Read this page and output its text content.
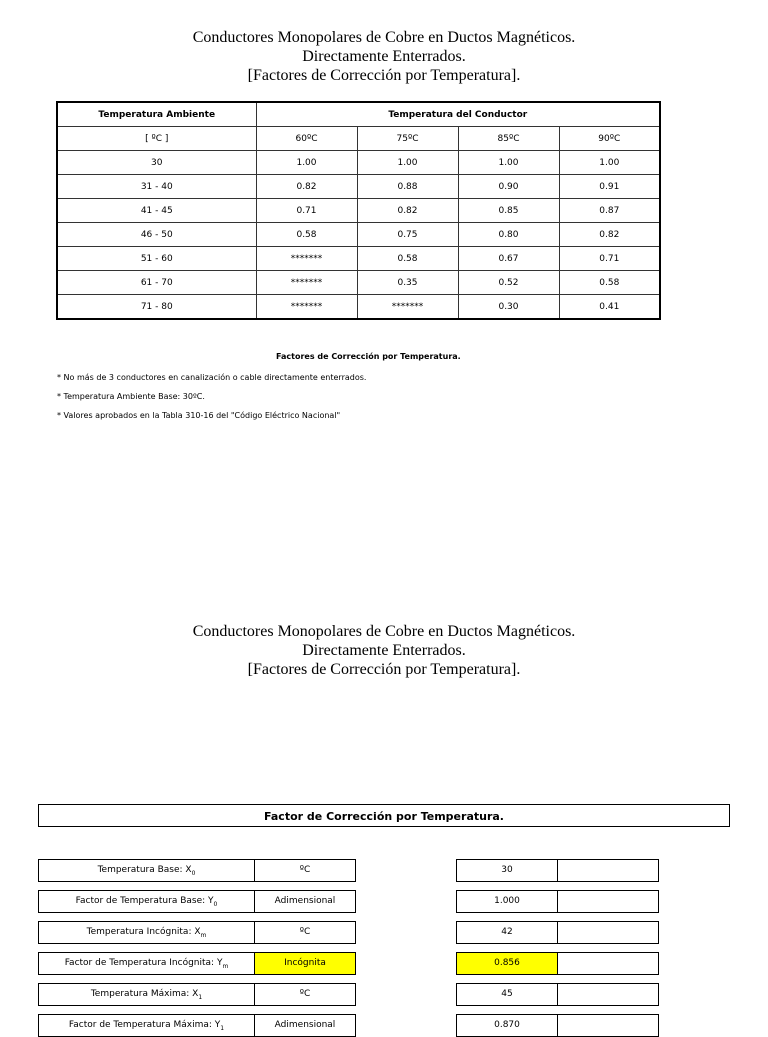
Conductores Monopolares de Cobre en Ductos Magnéticos.
Directamente Enterrados.
[Factores de Corrección por Temperatura].
Temperatura Ambiente	Temperatura del Conductor			
[ ºC ]	60ºC	75ºC	85ºC	90ºC
30	1.00	1.00	1.00	1.00
31 - 40	0.82	0.88	0.90	0.91
41 - 45	0.71	0.82	0.85	0.87
46 - 50	0.58	0.75	0.80	0.82
51 - 60	*******	0.58	0.67	0.71
61 - 70	*******	0.35	0.52	0.58
71 - 80	*******	*******	0.30	0.41
Factores de Corrección por Temperatura.
* No más de 3 conductores en canalización o cable directamente enterrados.
* Temperatura Ambiente Base: 30ºC.
* Valores aprobados en la Tabla 310-16 del "Código Eléctrico Nacional"
Conductores Monopolares de Cobre en Ductos Magnéticos.
Directamente Enterrados.
[Factores de Corrección por Temperatura].
Factor de Corrección por Temperatura.
Temperatura Base: $X_0$	ºC	30
Factor de Temperatura Base: $Y_0$	Adimensional	1.000
Temperatura Incógnita: $X_m$	ºC	42
Factor de Temperatura Incógnita: $Y_m$	Incógnita	0.856
Temperatura Máxima: $X_1$	ºC	45
Factor de Temperatura Máxima: $Y_1$	Adimensional	0.870
